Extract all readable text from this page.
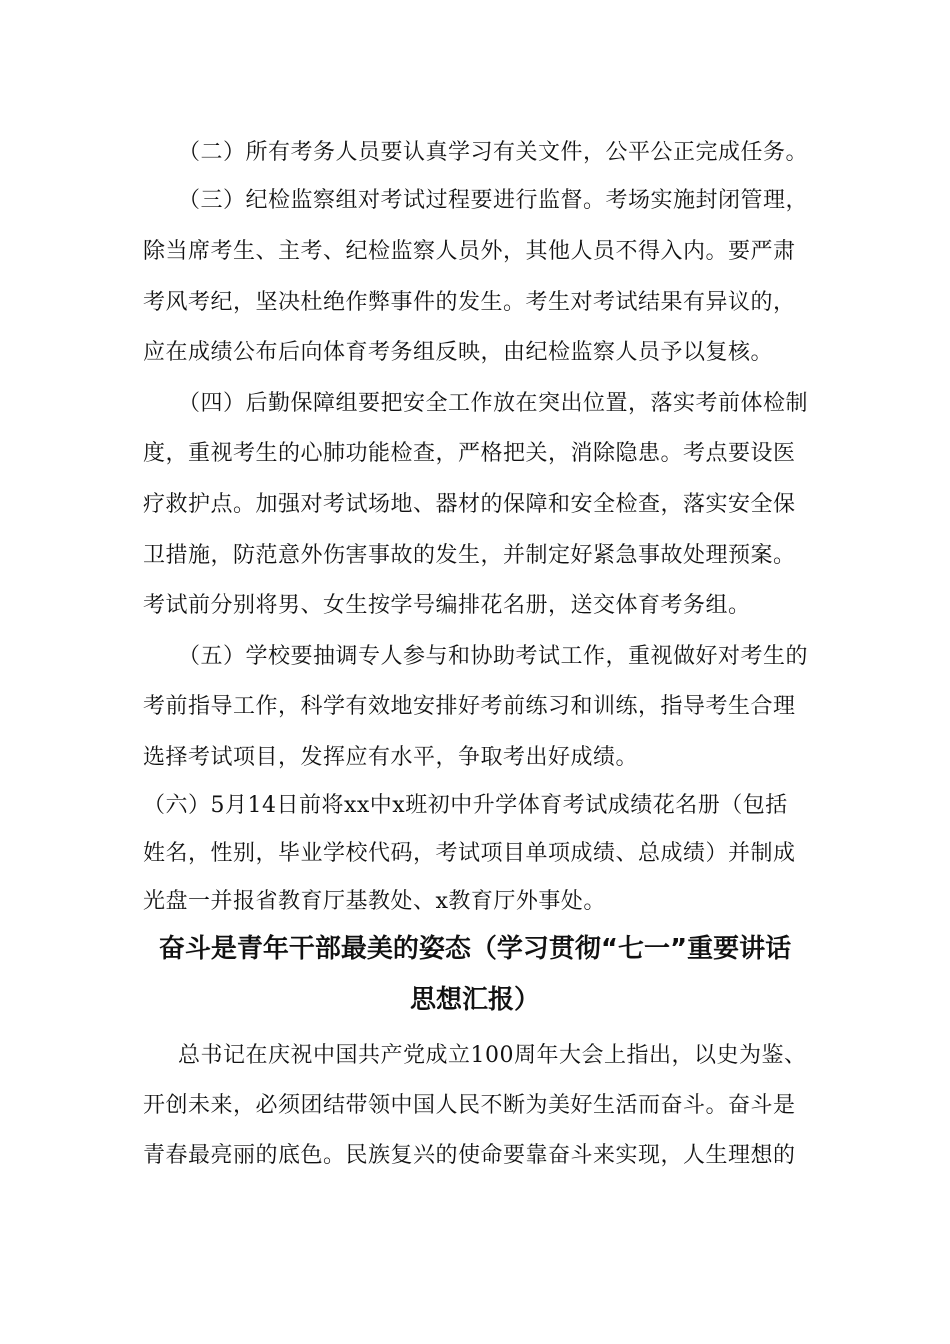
（二）所有考务人员要认真学习有关文件，公平公正完成任务。
（三）纪检监察组对考试过程要进行监督。考场实施封闭管理，
除当席考生、主考、纪检监察人员外，其他人员不得入内。要严肃
考风考纪，坚决杜绝作弊事件的发生。考生对考试结果有异议的，
应在成绩公布后向体育考务组反映，由纪检监察人员予以复核。
（四）后勤保障组要把安全工作放在突出位置，落实考前体检制
度，重视考生的心肺功能检查，严格把关，消除隐患。考点要设医
疗救护点。加强对考试场地、器材的保障和安全检查，落实安全保
卫措施，防范意外伤害事故的发生，并制定好紧急事故处理预案。
考试前分别将男、女生按学号编排花名册，送交体育考务组。
（五）学校要抽调专人参与和协助考试工作，重视做好对考生的
考前指导工作，科学有效地安排好考前练习和训练，指导考生合理
选择考试项目，发挥应有水平，争取考出好成绩。
（六）5月14日前将xx中x班初中升学体育考试成绩花名册（包括
姓名，性别，毕业学校代码，考试项目单项成绩、总成绩）并制成
光盘一并报省教育厅基教处、x教育厅外事处。
奋斗是青年干部最美的姿态（学习贯彻“七一”重要讲话
思想汇报）
总书记在庆祝中国共产党成立100周年大会上指出，以史为鉴、
开创未来，必须团结带领中国人民不断为美好生活而奋斗。奋斗是
青春最亮丽的底色。民族复兴的使命要靠奋斗来实现，人生理想的
